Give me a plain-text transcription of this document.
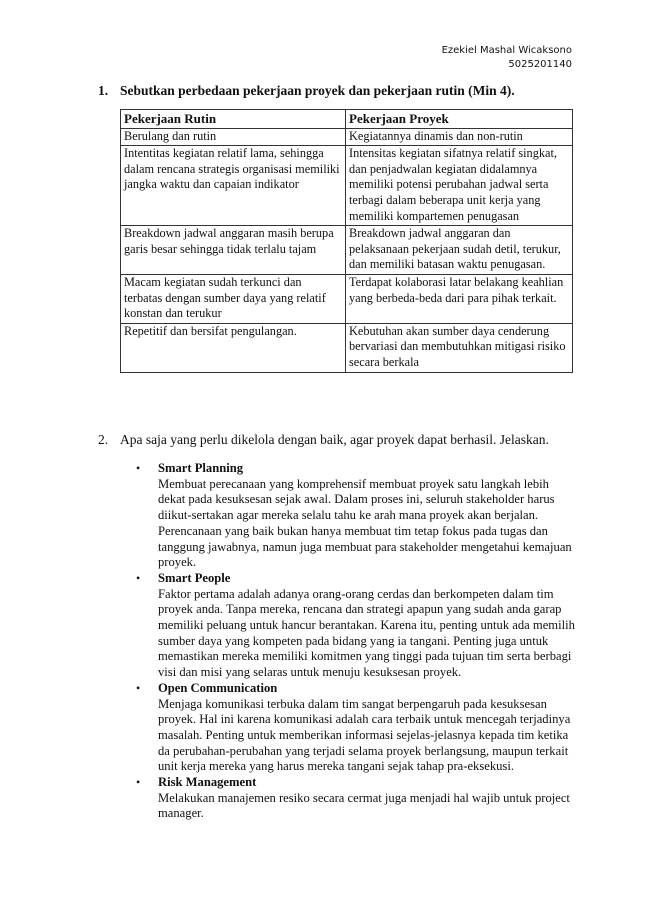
Ezekiel Mashal Wicaksono
5025201140
1. Sebutkan perbedaan pekerjaan proyek dan pekerjaan rutin (Min 4).
Pekerjaan Rutin	Pekerjaan Proyek
Berulang dan rutin	Kegiatannya dinamis dan non-rutin
Intentitas kegiatan relatif lama, sehingga dalam rencana strategis organisasi memiliki jangka waktu dan capaian indikator	Intensitas kegiatan sifatnya relatif singkat, dan penjadwalan kegiatan didalamnya memiliki potensi perubahan jadwal serta terbagi dalam beberapa unit kerja yang memiliki kompartemen penugasan
Breakdown jadwal anggaran masih berupa garis besar sehingga tidak terlalu tajam	Breakdown jadwal anggaran dan pelaksanaan pekerjaan sudah detil, terukur, dan memiliki batasan waktu penugasan.
Macam kegiatan sudah terkunci dan terbatas dengan sumber daya yang relatif konstan dan terukur	Terdapat kolaborasi latar belakang keahlian yang berbeda-beda dari para pihak terkait.
Repetitif dan bersifat pengulangan.	Kebutuhan akan sumber daya cenderung bervariasi dan membutuhkan mitigasi risiko secara berkala
2. Apa saja yang perlu dikelola dengan baik, agar proyek dapat berhasil. Jelaskan.
• Smart Planning
Membuat perecanaan yang komprehensif membuat proyek satu langkah lebih dekat pada kesuksesan sejak awal. Dalam proses ini, seluruh stakeholder harus diikut-sertakan agar mereka selalu tahu ke arah mana proyek akan berjalan. Perencanaan yang baik bukan hanya membuat tim tetap fokus pada tugas dan tanggung jawabnya, namun juga membuat para stakeholder mengetahui kemajuan proyek.
• Smart People
Faktor pertama adalah adanya orang-orang cerdas dan berkompeten dalam tim proyek anda. Tanpa mereka, rencana dan strategi apapun yang sudah anda garap memiliki peluang untuk hancur berantakan. Karena itu, penting untuk ada memilih sumber daya yang kompeten pada bidang yang ia tangani. Penting juga untuk memastikan mereka memiliki komitmen yang tinggi pada tujuan tim serta berbagi visi dan misi yang selaras untuk menuju kesuksesan proyek.
• Open Communication
Menjaga komunikasi terbuka dalam tim sangat berpengaruh pada kesuksesan proyek. Hal ini karena komunikasi adalah cara terbaik untuk mencegah terjadinya masalah. Penting untuk memberikan informasi sejelas-jelasnya kepada tim ketika da perubahan-perubahan yang terjadi selama proyek berlangsung, maupun terkait unit kerja mereka yang harus mereka tangani sejak tahap pra-eksekusi.
• Risk Management
Melakukan manajemen resiko secara cermat juga menjadi hal wajib untuk project manager.
